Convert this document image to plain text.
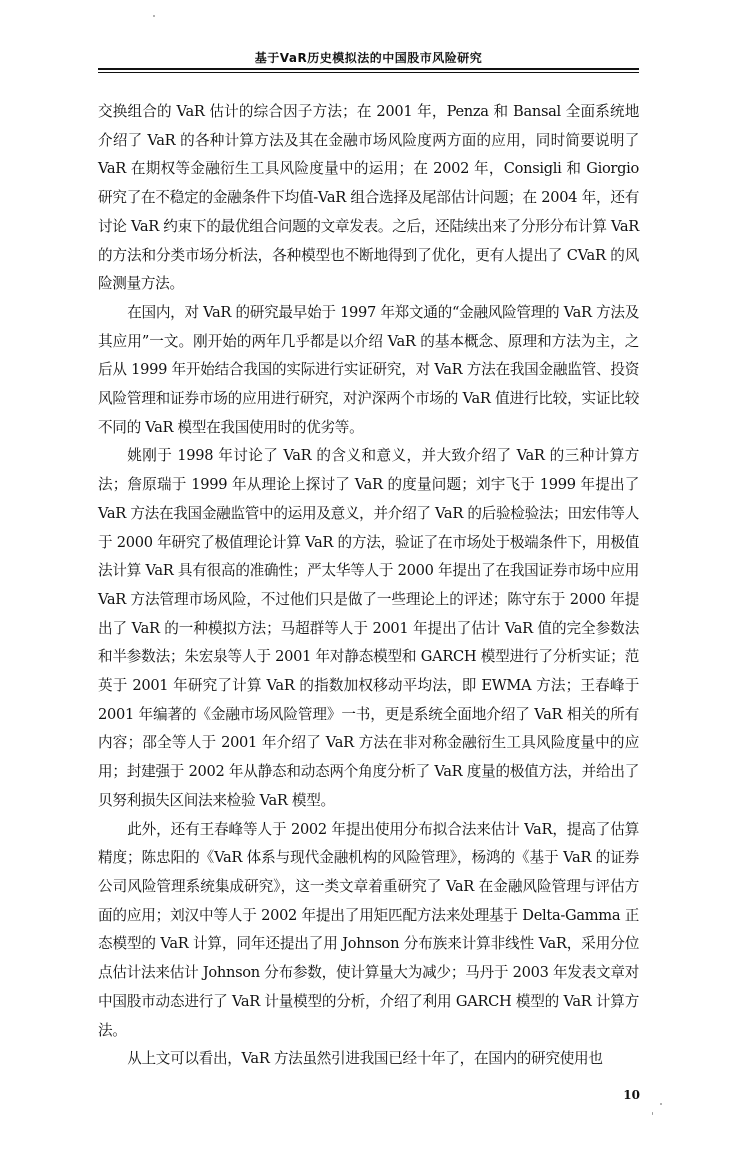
基于VaR历史模拟法的中国股市风险研究

交换组合的 VaR 估计的综合因子方法；在 2001 年，Penza 和 Bansal 全面系统地介绍了 VaR 的各种计算方法及其在金融市场风险度两方面的应用，同时简要说明了 VaR 在期权等金融衍生工具风险度量中的运用；在 2002 年，Consigli 和 Giorgio 研究了在不稳定的金融条件下均值-VaR 组合选择及尾部估计问题；在 2004 年，还有讨论 VaR 约束下的最优组合问题的文章发表。之后，还陆续出来了分形分布计算 VaR 的方法和分类市场分析法，各种模型也不断地得到了优化，更有人提出了 CVaR 的风险测量方法。

在国内，对 VaR 的研究最早始于 1997 年郑文通的“金融风险管理的 VaR 方法及其应用”一文。刚开始的两年几乎都是以介绍 VaR 的基本概念、原理和方法为主，之后从 1999 年开始结合我国的实际进行实证研究，对 VaR 方法在我国金融监管、投资风险管理和证券市场的应用进行研究，对沪深两个市场的 VaR 值进行比较，实证比较不同的 VaR 模型在我国使用时的优劣等。

姚刚于 1998 年讨论了 VaR 的含义和意义，并大致介绍了 VaR 的三种计算方法；詹原瑞于 1999 年从理论上探讨了 VaR 的度量问题；刘宇飞于 1999 年提出了 VaR 方法在我国金融监管中的运用及意义，并介绍了 VaR 的后验检验法；田宏伟等人于 2000 年研究了极值理论计算 VaR 的方法，验证了在市场处于极端条件下，用极值法计算 VaR 具有很高的准确性；严太华等人于 2000 年提出了在我国证券市场中应用 VaR 方法管理市场风险，不过他们只是做了一些理论上的评述；陈守东于 2000 年提出了 VaR 的一种模拟方法；马超群等人于 2001 年提出了估计 VaR 值的完全参数法和半参数法；朱宏泉等人于 2001 年对静态模型和 GARCH 模型进行了分析实证；范英于 2001 年研究了计算 VaR 的指数加权移动平均法，即 EWMA 方法；王春峰于 2001 年编著的《金融市场风险管理》一书，更是系统全面地介绍了 VaR 相关的所有内容；邵全等人于 2001 年介绍了 VaR 方法在非对称金融衍生工具风险度量中的应用；封建强于 2002 年从静态和动态两个角度分析了 VaR 度量的极值方法，并给出了贝努利损失区间法来检验 VaR 模型。

此外，还有王春峰等人于 2002 年提出使用分布拟合法来估计 VaR，提高了估算精度；陈忠阳的《VaR 体系与现代金融机构的风险管理》，杨鸿的《基于 VaR 的证券公司风险管理系统集成研究》，这一类文章着重研究了 VaR 在金融风险管理与评估方面的应用；刘汉中等人于 2002 年提出了用矩匹配方法来处理基于 Delta-Gamma 正态模型的 VaR 计算，同年还提出了用 Johnson 分布族来计算非线性 VaR，采用分位点估计法来估计 Johnson 分布参数，使计算量大为减少；马丹于 2003 年发表文章对中国股市动态进行了 VaR 计量模型的分析，介绍了利用 GARCH 模型的 VaR 计算方法。

从上文可以看出，VaR 方法虽然引进我国已经十年了，在国内的研究使用也

10
